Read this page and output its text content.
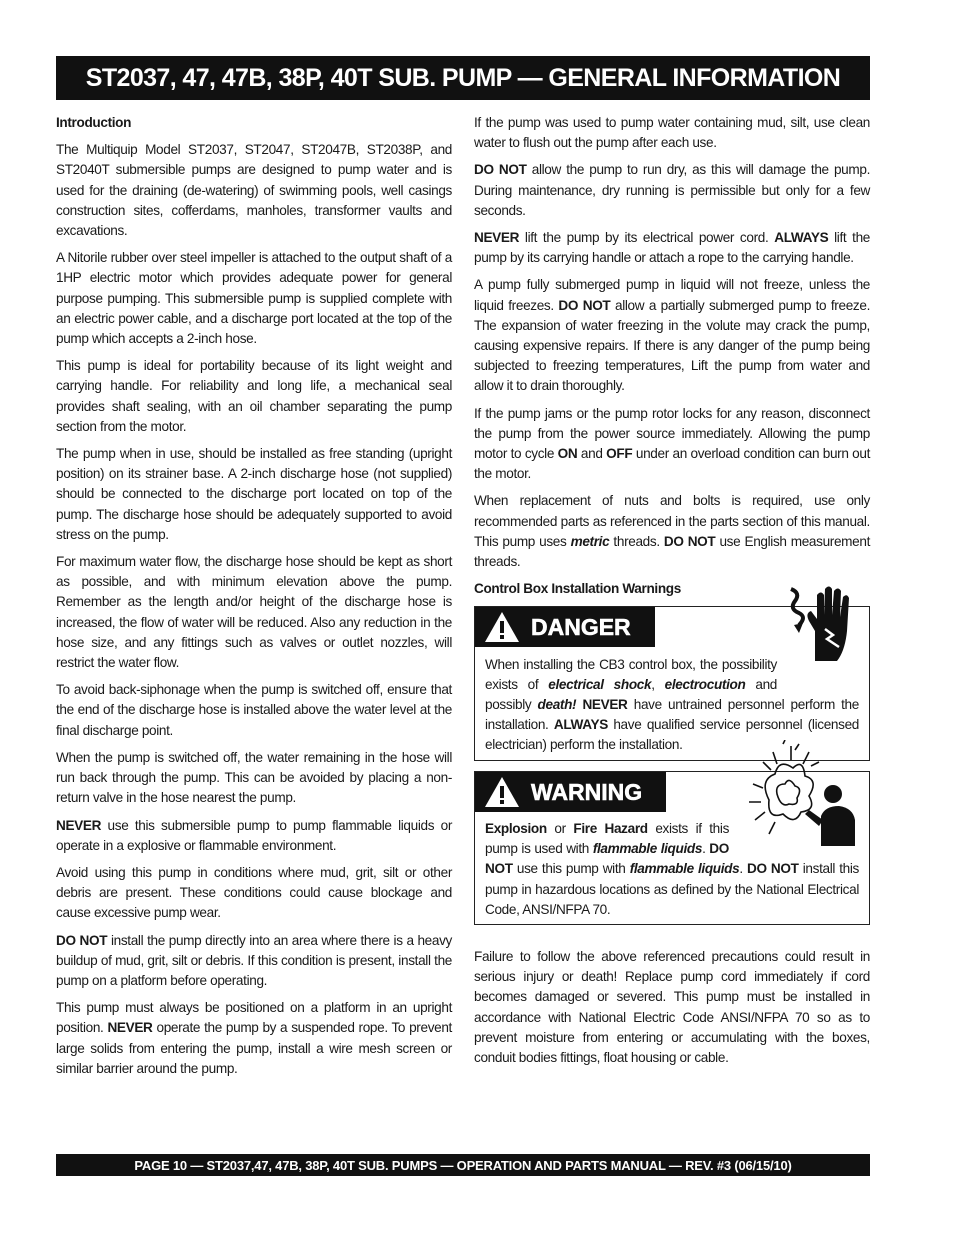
ST2037, 47, 47B, 38P, 40T SUB. PUMP — GENERAL INFORMATION

Introduction

The Multiquip Model ST2037, ST2047, ST2047B, ST2038P, and ST2040T submersible pumps are designed to pump water and is used for the draining (de-watering) of swimming pools, well casings construction sites, cofferdams, manholes, transformer vaults and excavations.

A Nitorile rubber over steel impeller is attached to the output shaft of a 1HP electric motor which provides adequate power for general purpose pumping. This submersible pump is supplied complete with an electric power cable, and a discharge port located at the top of the pump which accepts a 2-inch hose.

This pump is ideal for portability because of its light weight and carrying handle. For reliability and long life, a mechanical seal provides shaft sealing, with an oil chamber separating the pump section from the motor.

The pump when in use, should be installed as free standing (upright position) on its strainer base. A 2-inch discharge hose (not supplied) should be connected to the discharge port located on top of the pump. The discharge hose should be adequately supported to avoid stress on the pump.

For maximum water flow, the discharge hose should be kept as short as possible, and with minimum elevation above the pump. Remember as the length and/or height of the discharge hose is increased, the flow of water will be reduced. Also any reduction in the hose size, and any fittings such as valves or outlet nozzles, will restrict the water flow.

To avoid back-siphonage when the pump is switched off, ensure that the end of the discharge hose is installed above the water level at the final discharge point.

When the pump is switched off, the water remaining in the hose will run back through the pump. This can be avoided by placing a non-return valve in the hose nearest the pump.

NEVER use this submersible pump to pump flammable liquids or operate in a explosive or flammable environment.

Avoid using this pump in conditions where mud, grit, silt or other debris are present. These conditions could cause blockage and cause excessive pump wear.

DO NOT install the pump directly into an area where there is a heavy buildup of mud, grit, silt or debris. If this condition is present, install the pump on a platform before operating.

This pump must always be positioned on a platform in an upright position. NEVER operate the pump by a suspended rope. To prevent large solids from entering the pump, install a wire mesh screen or similar barrier around the pump.

If the pump was used to pump water containing mud, silt, use clean water to flush out the pump after each use.

DO NOT allow the pump to run dry, as this will damage the pump. During maintenance, dry running is permissible but only for a few seconds.

NEVER lift the pump by its electrical power cord. ALWAYS lift the pump by its carrying handle or attach a rope to the carrying handle.

A pump fully submerged pump in liquid will not freeze, unless the liquid freezes. DO NOT allow a partially submerged pump to freeze. The expansion of water freezing in the volute may crack the pump, causing expensive repairs. If there is any danger of the pump being subjected to freezing temperatures, Lift the pump from water and allow it to drain thoroughly.

If the pump jams or the pump rotor locks for any reason, disconnect the pump from the power source immediately. Allowing the pump motor to cycle ON and OFF under an overload condition can burn out the motor.

When replacement of nuts and bolts is required, use only recommended parts as referenced in the parts section of this manual. This pump uses metric threads. DO NOT use English measurement threads.

Control Box Installation Warnings

DANGER

When installing the CB3 control box, the possibility exists of electrical shock, electrocution and possibly death! NEVER have untrained personnel perform the installation. ALWAYS have qualified service personnel (licensed electrician) perform the installation.

WARNING

Explosion or Fire Hazard exists if this pump is used with flammable liquids. DO NOT use this pump with flammable liquids. DO NOT install this pump in hazardous locations as defined by the National Electrical Code, ANSI/NFPA 70.

Failure to follow the above referenced precautions could result in serious injury or death! Replace pump cord immediately if cord becomes damaged or severed. This pump must be installed in accordance with National Electric Code ANSI/NFPA 70 so as to prevent moisture from entering or accumulating with the boxes, conduit bodies fittings, float housing or cable.

PAGE 10 — ST2037,47, 47B, 38P, 40T SUB. PUMPS — OPERATION AND PARTS MANUAL — REV. #3 (06/15/10)
